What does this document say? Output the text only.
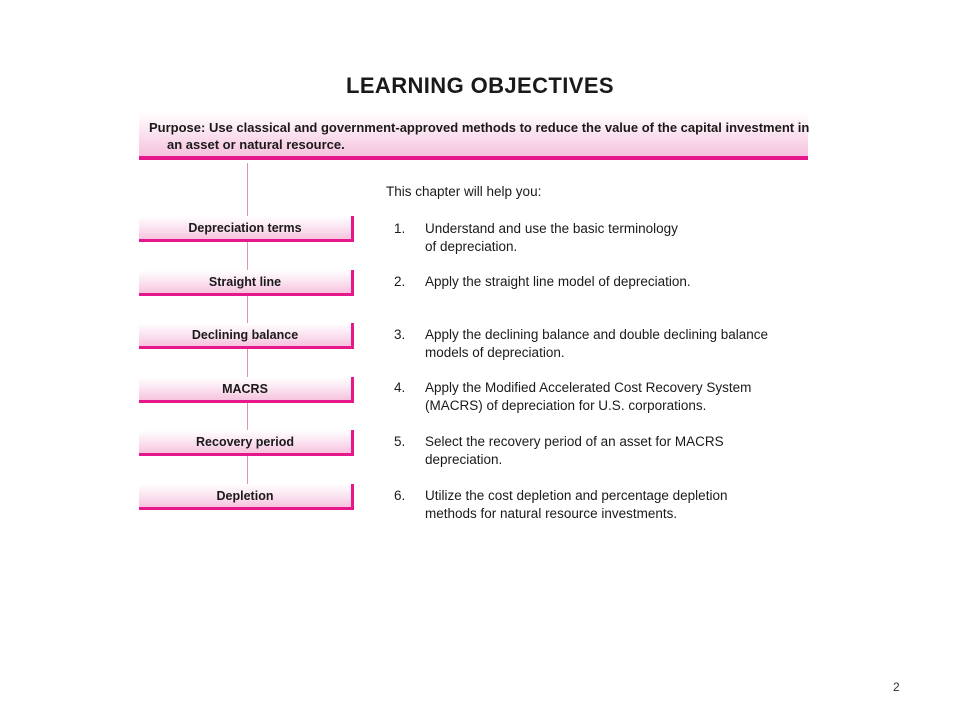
LEARNING OBJECTIVES
Purpose: Use classical and government-approved methods to reduce the value of the capital investment in an asset or natural resource.
This chapter will help you:
Depreciation terms
Straight line
Declining balance
MACRS
Recovery period
Depletion
1. Understand and use the basic terminology
of depreciation.
2. Apply the straight line model of depreciation.
3. Apply the declining balance and double declining balance
models of depreciation.
4. Apply the Modified Accelerated Cost Recovery System
(MACRS) of depreciation for U.S. corporations.
5. Select the recovery period of an asset for MACRS
depreciation.
6. Utilize the cost depletion and percentage depletion
methods for natural resource investments.
2
